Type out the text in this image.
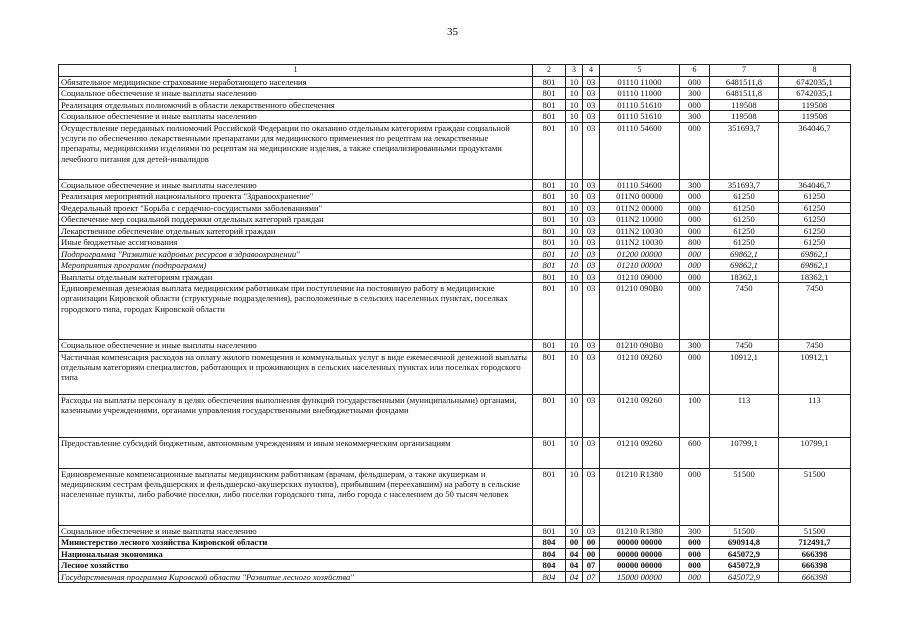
35
1	2	3	4	5	6	7	8
Обязательное медицинское страхование неработающего населения	801	10	03	01110 11000	000	6481511,8	6742035,1
Социальное обеспечение и иные выплаты населению	801	10	03	01110 11000	300	6481511,8	6742035,1
Реализация отдельных полномочий в области лекарственного обеспечения	801	10	03	01110 51610	000	119508	119508
Социальное обеспечение и иные выплаты населению	801	10	03	01110 51610	300	119508	119508
Осуществление переданных полномочий Российской Федерации по оказанию отдельным категориям граждан социальной услуги по обеспечению лекарственными препаратами для медицинского применения по рецептам на лекарственные препараты, медицинскими изделиями по рецептам на медицинские изделия, а также специализированными продуктами лечебного питания для детей-инвалидов	801	10	03	01110 54600	000	351693,7	364046,7
Социальное обеспечение и иные выплаты населению	801	10	03	01110 54600	300	351693,7	364046,7
Реализация мероприятий национального проекта "Здравоохранение"	801	10	03	011N0 00000	000	61250	61250
Федеральный проект "Борьба с сердечно-сосудистыми заболеваниями"	801	10	03	011N2 00000	000	61250	61250
Обеспечение мер социальной поддержки отдельных категорий граждан	801	10	03	011N2 10000	000	61250	61250
Лекарственное обеспечение отдельных категорий граждан	801	10	03	011N2 10030	000	61250	61250
Иные бюджетные ассигнования	801	10	03	011N2 10030	800	61250	61250
Подпрограмма "Развитие кадровых ресурсов в здравоохранении"	801	10	03	01200 00000	000	69862,1	69862,1
Мероприятия программ (подпрограмм)	801	10	03	01210 00000	000	69862,1	69862,1
Выплаты отдельным категориям граждан	801	10	03	01210 09000	000	18362,1	18362,1
Единовременная денежная выплата медицинским работникам при поступлении на постоянную работу в медицинские организации Кировской области (структурные подразделения), расположенные в сельских населенных пунктах, поселках городского типа, городах Кировской области	801	10	03	01210 090B0	000	7450	7450
Социальное обеспечение и иные выплаты населению	801	10	03	01210 090B0	300	7450	7450
Частичная компенсация расходов на оплату жилого помещения и коммунальных услуг в виде ежемесячной денежной выплаты отдельным категориям специалистов, работающих и проживающих в сельских населенных пунктах или поселках городского типа	801	10	03	01210 09260	000	10912,1	10912,1
Расходы на выплаты персоналу в целях обеспечения выполнения функций государственными (муниципальными) органами, казенными учреждениями, органами управления государственными внебюджетными фондами	801	10	03	01210 09260	100	113	113
Предоставление субсидий бюджетным, автономным учреждениям и иным некоммерческим организациям	801	10	03	01210 09260	600	10799,1	10799,1
Единовременные компенсационные выплаты медицинским работникам (врачам, фельдшерам, а также акушеркам и медицинским сестрам фельдшерских и фельдшерско-акушерских пунктов), прибывшим (переехавшим) на работу в сельские населенные пункты, либо рабочие поселки, либо поселки городского типа, либо города с населением до 50 тысяч человек	801	10	03	01210 R1380	000	51500	51500
Социальное обеспечение и иные выплаты населению	801	10	03	01210 R1380	300	51500	51500
Министерство лесного хозяйства Кировской области	804	00	00	00000 00000	000	690914,8	712491,7
Национальная экономика	804	04	00	00000 00000	000	645072,9	666398
Лесное хозяйство	804	04	07	00000 00000	000	645072,9	666398
Государственная программа Кировской области "Развитие лесного хозяйства"	804	04	07	15000 00000	000	645072,9	666398
